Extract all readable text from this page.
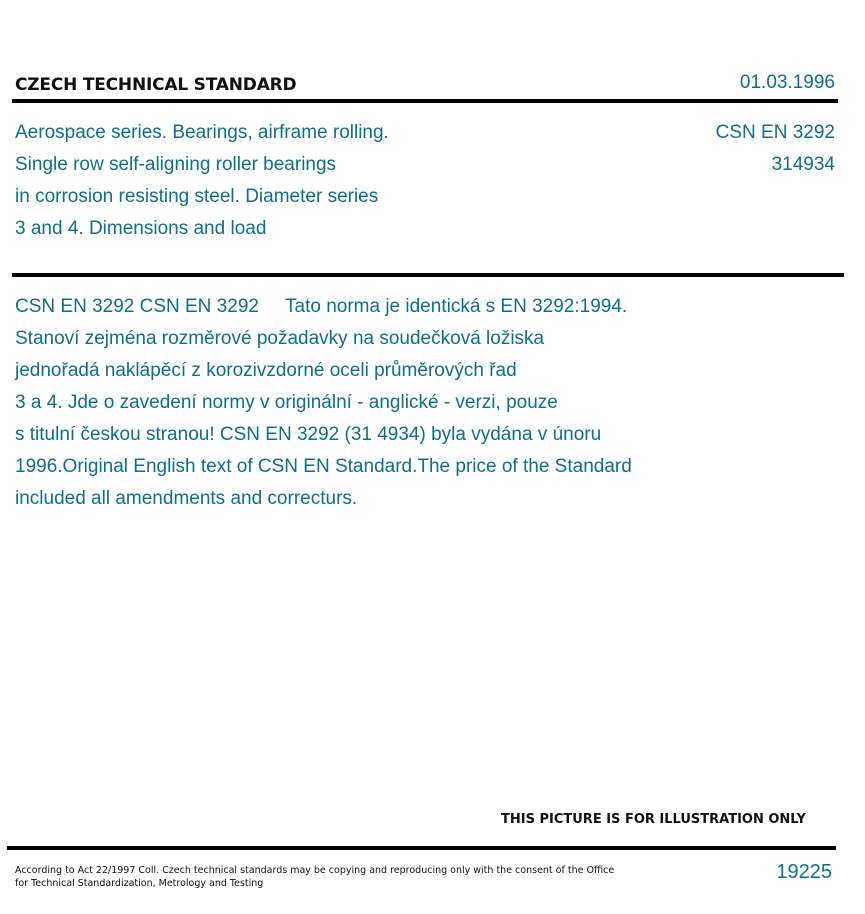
CZECH TECHNICAL STANDARD	01.03.1996
Aerospace series. Bearings, airframe rolling.
Single row self-aligning roller bearings
in corrosion resisting steel. Diameter series
3 and 4. Dimensions and load
CSN EN 3292
314934
CSN EN 3292 CSN EN 3292     Tato norma je identická s EN 3292:1994.
Stanoví zejména rozměrové požadavky na soudečková ložiska
jednořadá naklápěcí z korozivzdorné oceli průměrových řad
3 a 4. Jde o zavedení normy v originální - anglické - verzi, pouze
s titulní českou stranou! CSN EN 3292 (31 4934) byla vydána v únoru
1996.Original English text of CSN EN Standard.The price of the Standard
included all amendments and correcturs.
THIS PICTURE IS FOR ILLUSTRATION ONLY
According to Act 22/1997 Coll. Czech technical standards may be copying and reproducing only with the consent of the Office
for Technical Standardization, Metrology and Testing
19225
